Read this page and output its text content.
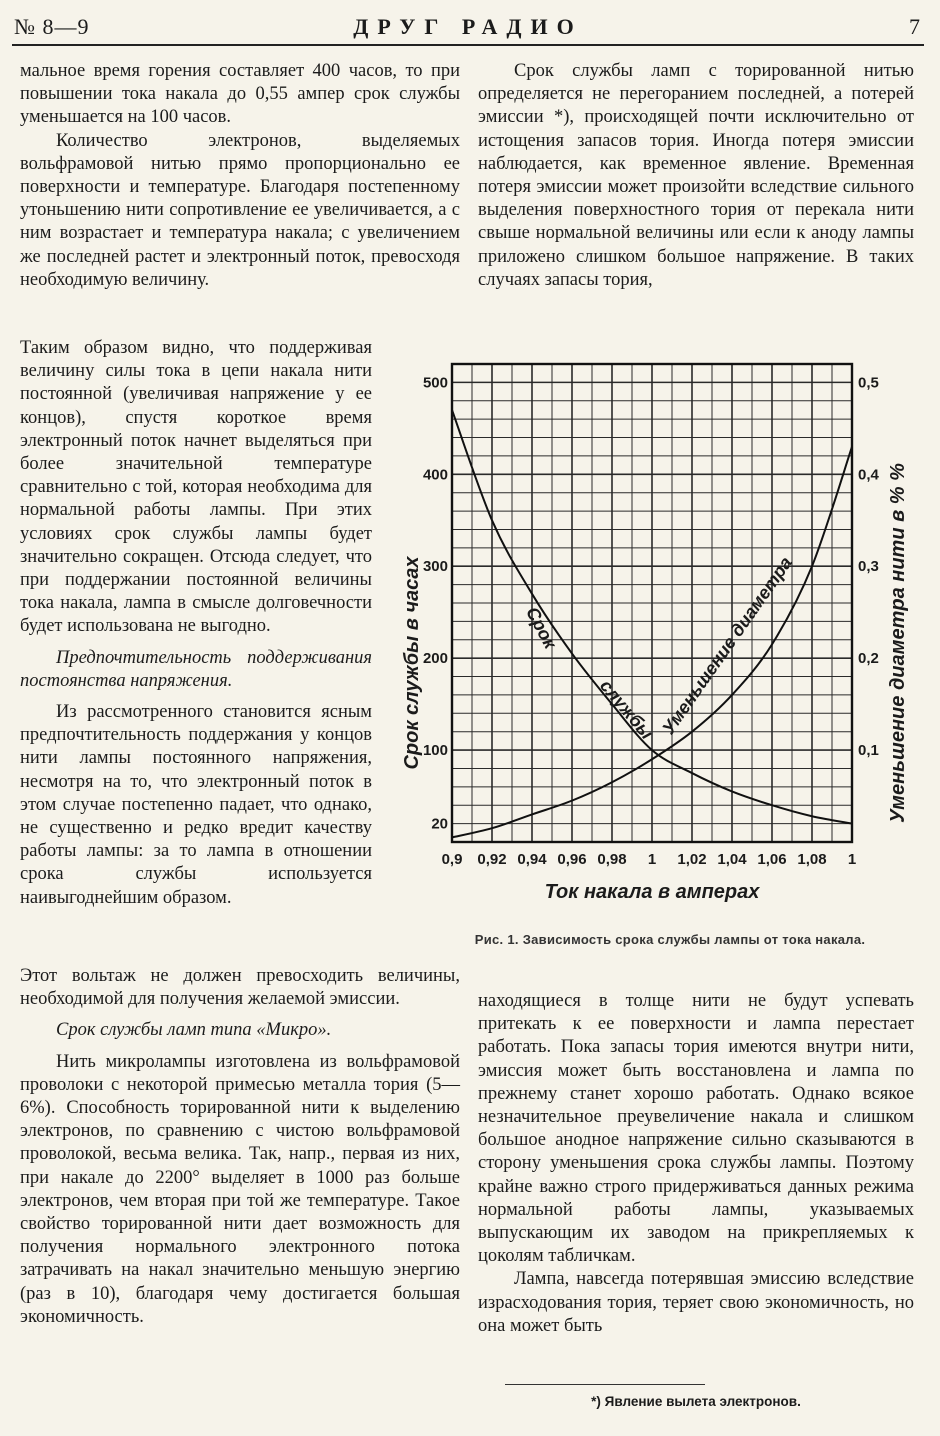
№ 8—9	ДРУГ РАДИО	7

мальное время горения составляет 400 часов, то при повышении тока накала до 0,55 ампер срок службы уменьшается на 100 часов.

Количество электронов, выделяемых вольфрамовой нитью прямо пропорционально ее поверхности и температуре. Благодаря постепенному утоньшению нити сопротивление ее увеличивается, а с ним возрастает и температура накала; с увеличением же последней растет и электронный поток, превосходя необходимую величину.

Таким образом видно, что поддерживая величину силы тока в цепи накала нити постоянной (увеличивая напряжение у ее концов), спустя короткое время электронный поток начнет выделяться при более значительной температуре сравнительно с той, которая необходима для нормальной работы лампы. При этих условиях срок службы лампы будет значительно сокращен. Отсюда следует, что при поддержании постоянной величины тока накала, лампа в смысле долговечности будет использована не выгодно.

Предпочтительность поддерживания постоянства напряжения.

Из рассмотренного становится ясным предпочтительность поддержания у концов нити лампы постоянного напряжения, несмотря на то, что электронный поток в этом случае постепенно падает, что однако, не существенно и редко вредит качеству работы лампы: за то лампа в отношении срока службы используется наивыгоднейшим образом.

Этот вольтаж не должен превосходить величины, необходимой для получения желаемой эмиссии.

Срок службы ламп типа «Микро».

Нить микролампы изготовлена из вольфрамовой проволоки с некоторой примесью металла тория (5—6%). Способность торированной нити к выделению электронов, по сравнению с чистою вольфрамовой проволокой, весьма велика. Так, напр., первая из них, при накале до 2200° выделяет в 1000 раз больше электронов, чем вторая при той же температуре. Такое свойство торированной нити дает возможность для получения нормального электронного потока затрачивать на накал значительно меньшую энергию (раз в 10), благодаря чему достигается большая экономичность.

Срок службы ламп с торированной нитью определяется не перегоранием последней, а потерей эмиссии *), происходящей почти исключительно от истощения запасов тория. Иногда потеря эмиссии наблюдается, как временное явление. Временная потеря эмиссии может произойти вследствие сильного выделения поверхностного тория от перекала нити свыше нормальной величины или если к аноду лампы приложено слишком большое напряжение. В таких случаях запасы тория,

0,9 0,92 0,94 0,96 0,98 1 1,02 1,04 1,06 1,08 1
20
100
200
300
400
500
0,1
0,2
0,3
0,4
0,5
Ток накала в амперах
Срок службы в часах	Уменьшение диаметра нити в % %
Срок
службы Уменьшение диаметра
Рис. 1. Зависимость срока службы лампы от тока накала.

находящиеся в толще нити не будут успевать притекать к ее поверхности и лампа перестает работать. Пока запасы тория имеются внутри нити, эмиссия может быть восстановлена и лампа по прежнему станет хорошо работать. Однако всякое незначительное преувеличение накала и слишком большое анодное напряжение сильно сказываются в сторону уменьшения срока службы лампы. Поэтому крайне важно строго придерживаться данных режима нормальной работы лампы, указываемых выпускающим их заводом на прикрепляемых к цоколям табличкам.

Лампа, навсегда потерявшая эмиссию вследствие израсходования тория, теряет свою экономичность, но она может быть

*) Явление вылета электронов.
